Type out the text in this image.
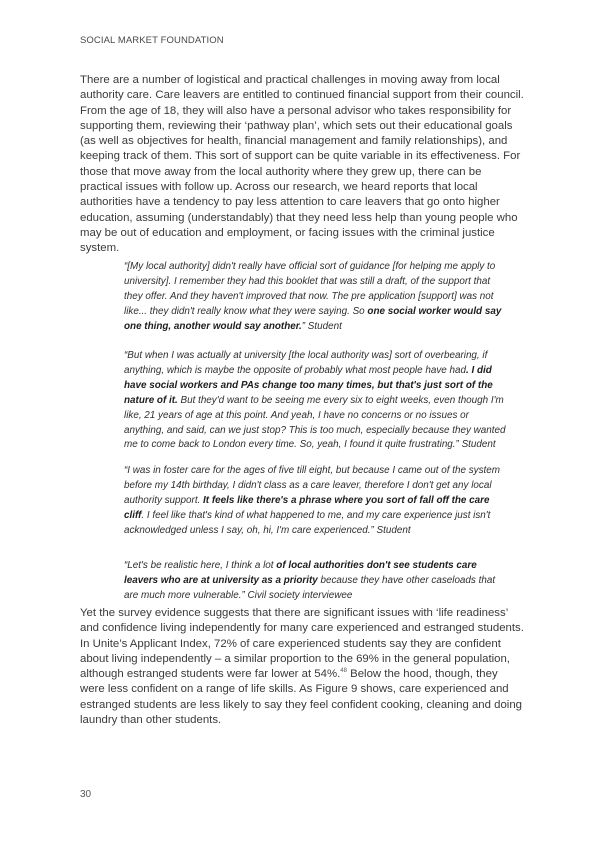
SOCIAL MARKET FOUNDATION

There are a number of logistical and practical challenges in moving away from local authority care. Care leavers are entitled to continued financial support from their council. From the age of 18, they will also have a personal advisor who takes responsibility for supporting them, reviewing their ‘pathway plan’, which sets out their educational goals (as well as objectives for health, financial management and family relationships), and keeping track of them. This sort of support can be quite variable in its effectiveness. For those that move away from the local authority where they grew up, there can be practical issues with follow up. Across our research, we heard reports that local authorities have a tendency to pay less attention to care leavers that go onto higher education, assuming (understandably) that they need less help than young people who may be out of education and employment, or facing issues with the criminal justice system.

“[My local authority] didn't really have official sort of guidance [for helping me apply to university]. I remember they had this booklet that was still a draft, of the support that they offer. And they haven't improved that now. The pre application [support] was not like... they didn't really know what they were saying. So one social worker would say one thing, another would say another.” Student

“But when I was actually at university [the local authority was] sort of overbearing, if anything, which is maybe the opposite of probably what most people have had. I did have social workers and PAs change too many times, but that's just sort of the nature of it. But they'd want to be seeing me every six to eight weeks, even though I'm like, 21 years of age at this point. And yeah, I have no concerns or no issues or anything, and said, can we just stop? This is too much, especially because they wanted me to come back to London every time. So, yeah, I found it quite frustrating.” Student

“I was in foster care for the ages of five till eight, but because I came out of the system before my 14th birthday, I didn't class as a care leaver, therefore I don't get any local authority support. It feels like there's a phrase where you sort of fall off the care cliff. I feel like that's kind of what happened to me, and my care experience just isn't acknowledged unless I say, oh, hi, I'm care experienced.” Student

“Let's be realistic here, I think a lot of local authorities don't see students care leavers who are at university as a priority because they have other caseloads that are much more vulnerable.” Civil society interviewee

Yet the survey evidence suggests that there are significant issues with ‘life readiness’ and confidence living independently for many care experienced and estranged students. In Unite’s Applicant Index, 72% of care experienced students say they are confident about living independently – a similar proportion to the 69% in the general population, although estranged students were far lower at 54%.$^{48}$ Below the hood, though, they were less confident on a range of life skills. As Figure 9 shows, care experienced and estranged students are less likely to say they feel confident cooking, cleaning and doing laundry than other students.

30
